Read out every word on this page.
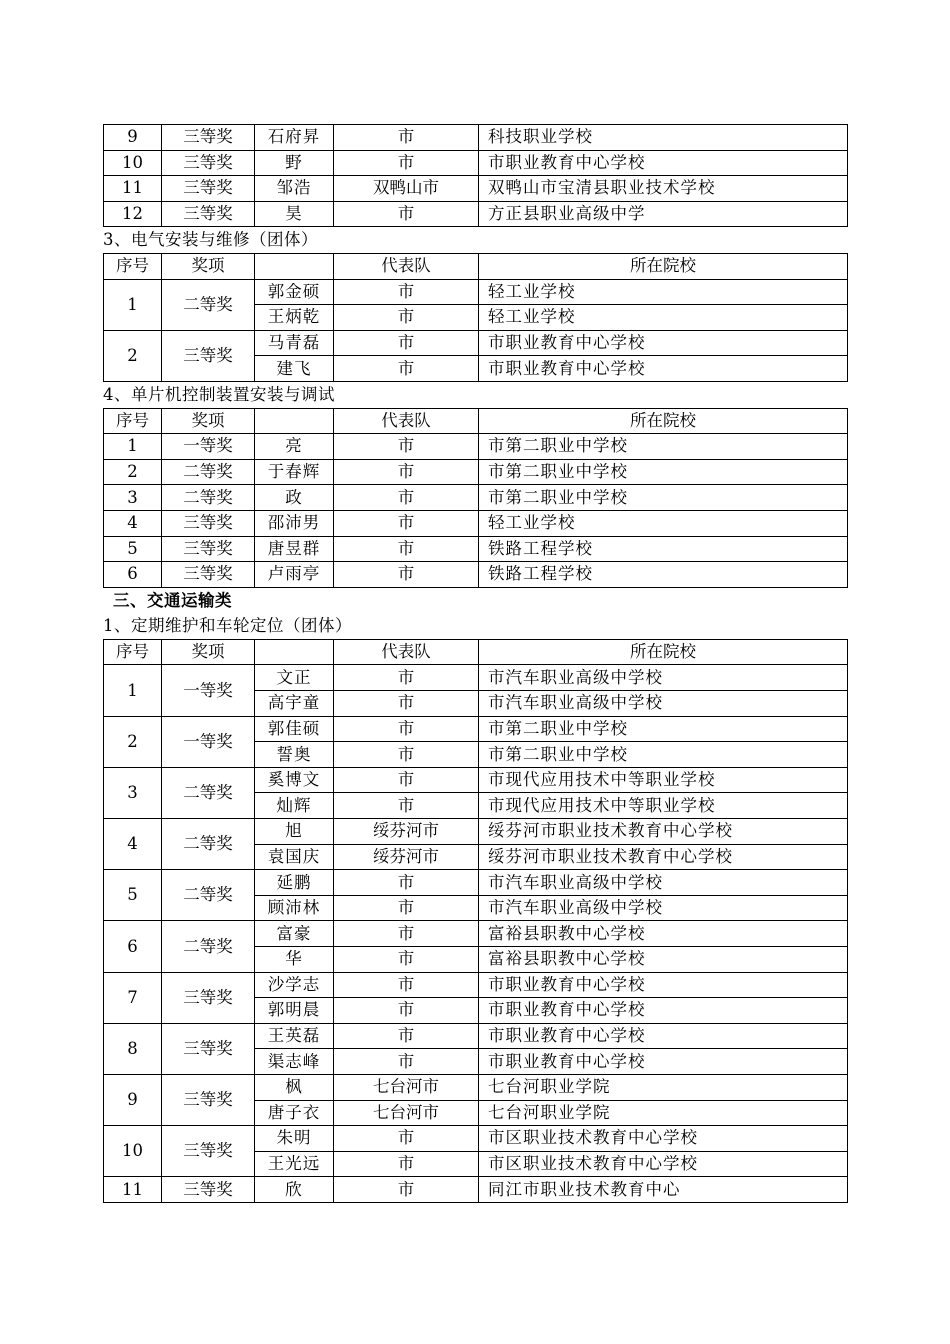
9	三等奖	石府昇	市	科技职业学校
10	三等奖	野	市	市职业教育中心学校
11	三等奖	邹浩	双鸭山市	双鸭山市宝清县职业技术学校
12	三等奖	昊	市	方正县职业高级中学
3、电气安装与维修（团体）
序号	奖项		代表队	所在院校
1	二等奖	郭金硕	市	轻工业学校
		王炳乾	市	轻工业学校
2	三等奖	马青磊	市	市职业教育中心学校
		建飞	市	市职业教育中心学校
4、单片机控制装置安装与调试
序号	奖项		代表队	所在院校
1	一等奖	亮	市	市第二职业中学校
2	二等奖	于春辉	市	市第二职业中学校
3	二等奖	政	市	市第二职业中学校
4	三等奖	邵沛男	市	轻工业学校
5	三等奖	唐昱群	市	铁路工程学校
6	三等奖	卢雨亭	市	铁路工程学校
三、交通运输类
1、定期维护和车轮定位（团体）
序号	奖项		代表队	所在院校
1	一等奖	文正	市	市汽车职业高级中学校
		高宇童	市	市汽车职业高级中学校
2	一等奖	郭佳硕	市	市第二职业中学校
		誓奥	市	市第二职业中学校
3	二等奖	奚博文	市	市现代应用技术中等职业学校
		灿辉	市	市现代应用技术中等职业学校
4	二等奖	旭	绥芬河市	绥芬河市职业技术教育中心学校
		袁国庆	绥芬河市	绥芬河市职业技术教育中心学校
5	二等奖	延鹏	市	市汽车职业高级中学校
		顾沛林	市	市汽车职业高级中学校
6	二等奖	富豪	市	富裕县职教中心学校
		华	市	富裕县职教中心学校
7	三等奖	沙学志	市	市职业教育中心学校
		郭明晨	市	市职业教育中心学校
8	三等奖	王英磊	市	市职业教育中心学校
		渠志峰	市	市职业教育中心学校
9	三等奖	枫	七台河市	七台河职业学院
		唐子衣	七台河市	七台河职业学院
10	三等奖	朱明	市	市区职业技术教育中心学校
		王光远	市	市区职业技术教育中心学校
11	三等奖	欣	市	同江市职业技术教育中心
